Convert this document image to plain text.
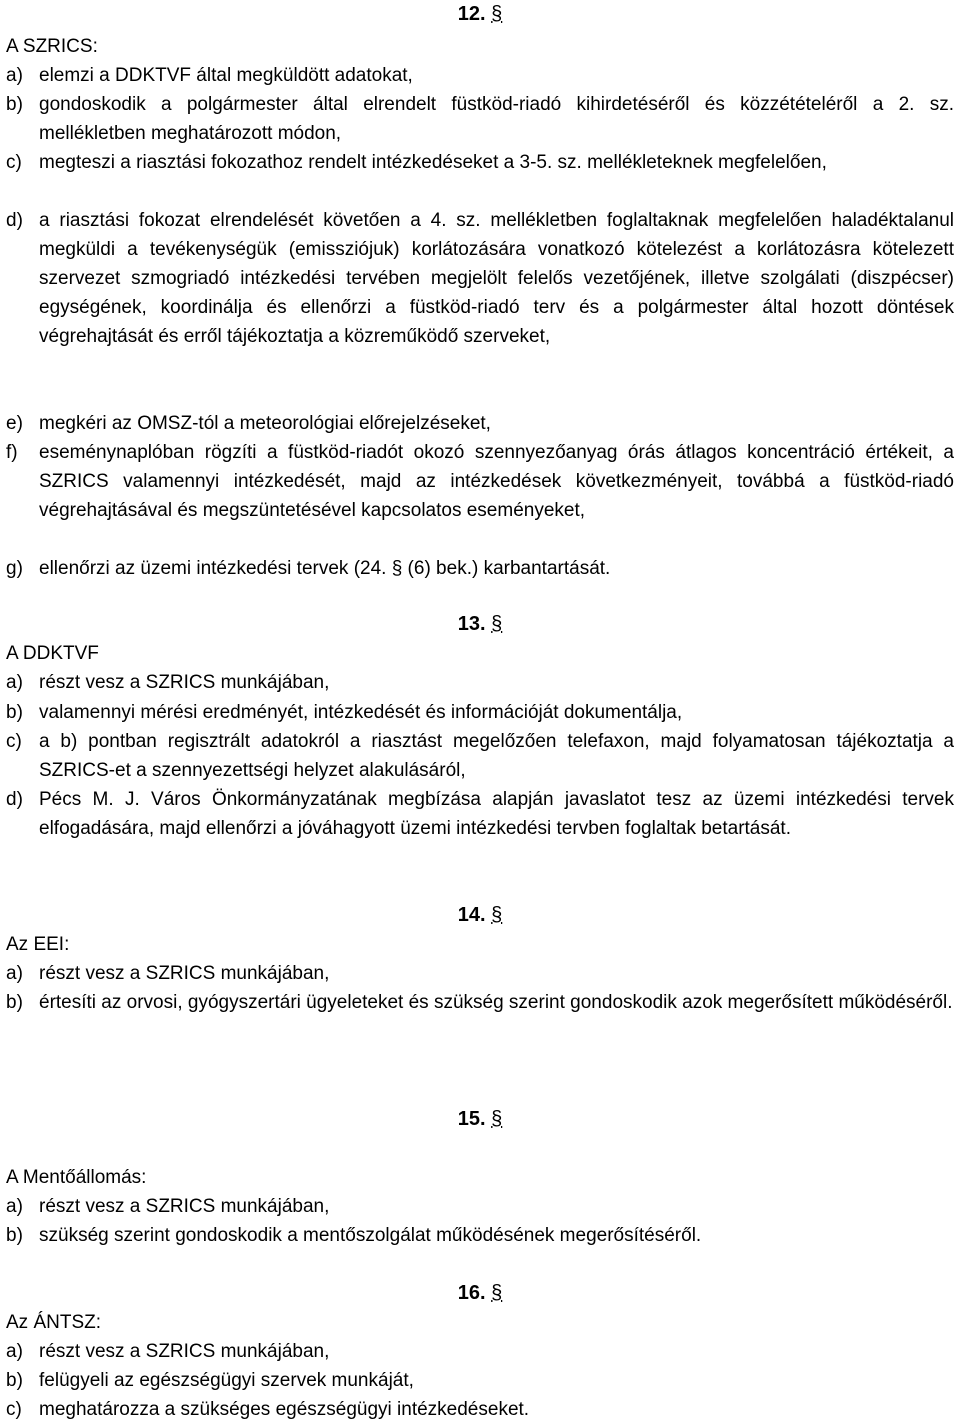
12. §
A SZRICS:
a) elemzi a DDKTVF által megküldött adatokat,
b) gondoskodik a polgármester által elrendelt füstköd-riadó kihirdetéséről és közzétételéről a 2. sz. mellékletben meghatározott módon,
c) megteszi a riasztási fokozathoz rendelt intézkedéseket a 3-5. sz. mellékleteknek megfelelően,
d) a riasztási fokozat elrendelését követően a 4. sz. mellékletben foglaltaknak megfelelően haladéktalanul megküldi a tevékenységük (emissziójuk) korlátozására vonatkozó kötelezést a korlátozásra kötelezett szervezet szmogriadó intézkedési tervében megjelölt felelős vezetőjének, illetve szolgálati (diszpécser) egységének, koordinálja és ellenőrzi a füstköd-riadó terv és a polgármester által hozott döntések végrehajtását és erről tájékoztatja a közreműködő szerveket,
e) megkéri az OMSZ-tól a meteorológiai előrejelzéseket,
f) eseménynaplóban rögzíti a füstköd-riadót okozó szennyezőanyag órás átlagos koncentráció értékeit, a SZRICS valamennyi intézkedését, majd az intézkedések következményeit, továbbá a füstköd-riadó végrehajtásával és megszüntetésével kapcsolatos eseményeket,
g) ellenőrzi az üzemi intézkedési tervek (24. § (6) bek.) karbantartását.
13. §
A DDKTVF
a) részt vesz a SZRICS munkájában,
b) valamennyi mérési eredményét, intézkedését és információját dokumentálja,
c) a b) pontban regisztrált adatokról a riasztást megelőzően telefaxon, majd folyamatosan tájékoztatja a SZRICS-et a szennyezettségi helyzet alakulásáról,
d) Pécs M. J. Város Önkormányzatának megbízása alapján javaslatot tesz az üzemi intézkedési tervek elfogadására, majd ellenőrzi a jóváhagyott üzemi intézkedési tervben foglaltak betartását.
14. §
Az EEI:
a) részt vesz a SZRICS munkájában,
b) értesíti az orvosi, gyógyszertári ügyeleteket és szükség szerint gondoskodik azok megerősített működéséről.
15. §
A Mentőállomás:
a) részt vesz a SZRICS munkájában,
b) szükség szerint gondoskodik a mentőszolgálat működésének megerősítéséről.
16. §
Az ÁNTSZ:
a) részt vesz a SZRICS munkájában,
b) felügyeli az egészségügyi szervek munkáját,
c) meghatározza a szükséges egészségügyi intézkedéseket.
